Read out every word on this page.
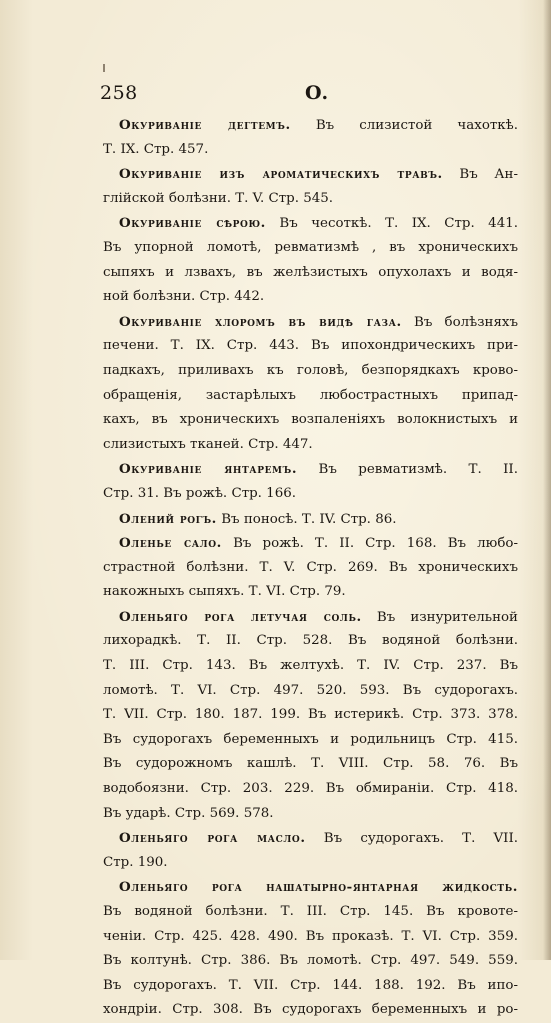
258	О.
Окуриваніе дегтемъ. Въ слизистой чахоткѣ.
Т. IX. Стр. 457.
Окуриваніе изъ ароматическихъ травъ. Въ Ан-
глійской болѣзни. Т. V. Стр. 545.
Окуриваніе сѣрою. Въ чесоткѣ. Т. IX. Стр. 441.
Въ упорной ломотѣ, ревматизмѣ , въ хроническихъ
сыпяхъ и лзвахъ, въ желѣзистыхъ опухолахъ и водя-
ной болѣзни. Стр. 442.
Окуриваніе хлоромъ въ видѣ газа. Въ болѣзняхъ
печени. Т. IX. Стр. 443. Въ ипохондрическихъ при-
падкахъ, приливахъ къ головѣ, безпорядкахъ крово-
обращенія, застарѣлыхъ любострастныхъ припад-
кахъ, въ хроническихъ возпаленіяхъ волокнистыхъ и
слизистыхъ ткaней. Стр. 447.
Окуриваніе янтаремъ. Въ ревматизмѣ. Т. II.
Стр. 31. Въ рожѣ. Стр. 166.
Олений рогъ. Въ поносѣ. Т. IV. Стр. 86.
Оленье сало. Въ рожѣ. Т. II. Стр. 168. Въ любо-
страстной болѣзни. Т. V. Стр. 269. Въ хроническихъ
накожныхъ сыпяхъ. Т. VI. Стр. 79.
Оленьяго рога летучая соль. Въ изнурительной
лихорадкѣ. Т. II. Стр. 528. Въ водяной болѣзни.
Т. III. Стр. 143. Въ желтухѣ. Т. IV. Стр. 237. Въ
ломотѣ. Т. VI. Стр. 497. 520. 593. Въ судорогахъ.
Т. VII. Стр. 180. 187. 199. Въ истерикѣ. Стр. 373. 378.
Въ судорогахъ беременныхъ и родильницъ Стр. 415.
Въ судорожномъ кашлѣ. Т. VIII. Стр. 58. 76. Въ
водобоязни. Стр. 203. 229. Въ обмираніи. Стр. 418.
Въ ударѣ. Стр. 569. 578.
Оленьяго рога масло. Въ судорогахъ. Т. VII.
Стр. 190.
Оленьяго рога нашатырно-янтарная жидкость.
Въ водяной болѣзни. Т. III. Стр. 145. Въ кровоте-
ченіи. Стр. 425. 428. 490. Въ проказѣ. Т. VI. Стр. 359.
Въ колтунѣ. Стр. 386. Въ ломотѣ. Стр. 497. 549. 559.
Въ судорогахъ. Т. VII. Стр. 144. 188. 192. Въ ипо-
хондріи. Стр. 308. Въ судорогахъ беременныхъ и ро-
